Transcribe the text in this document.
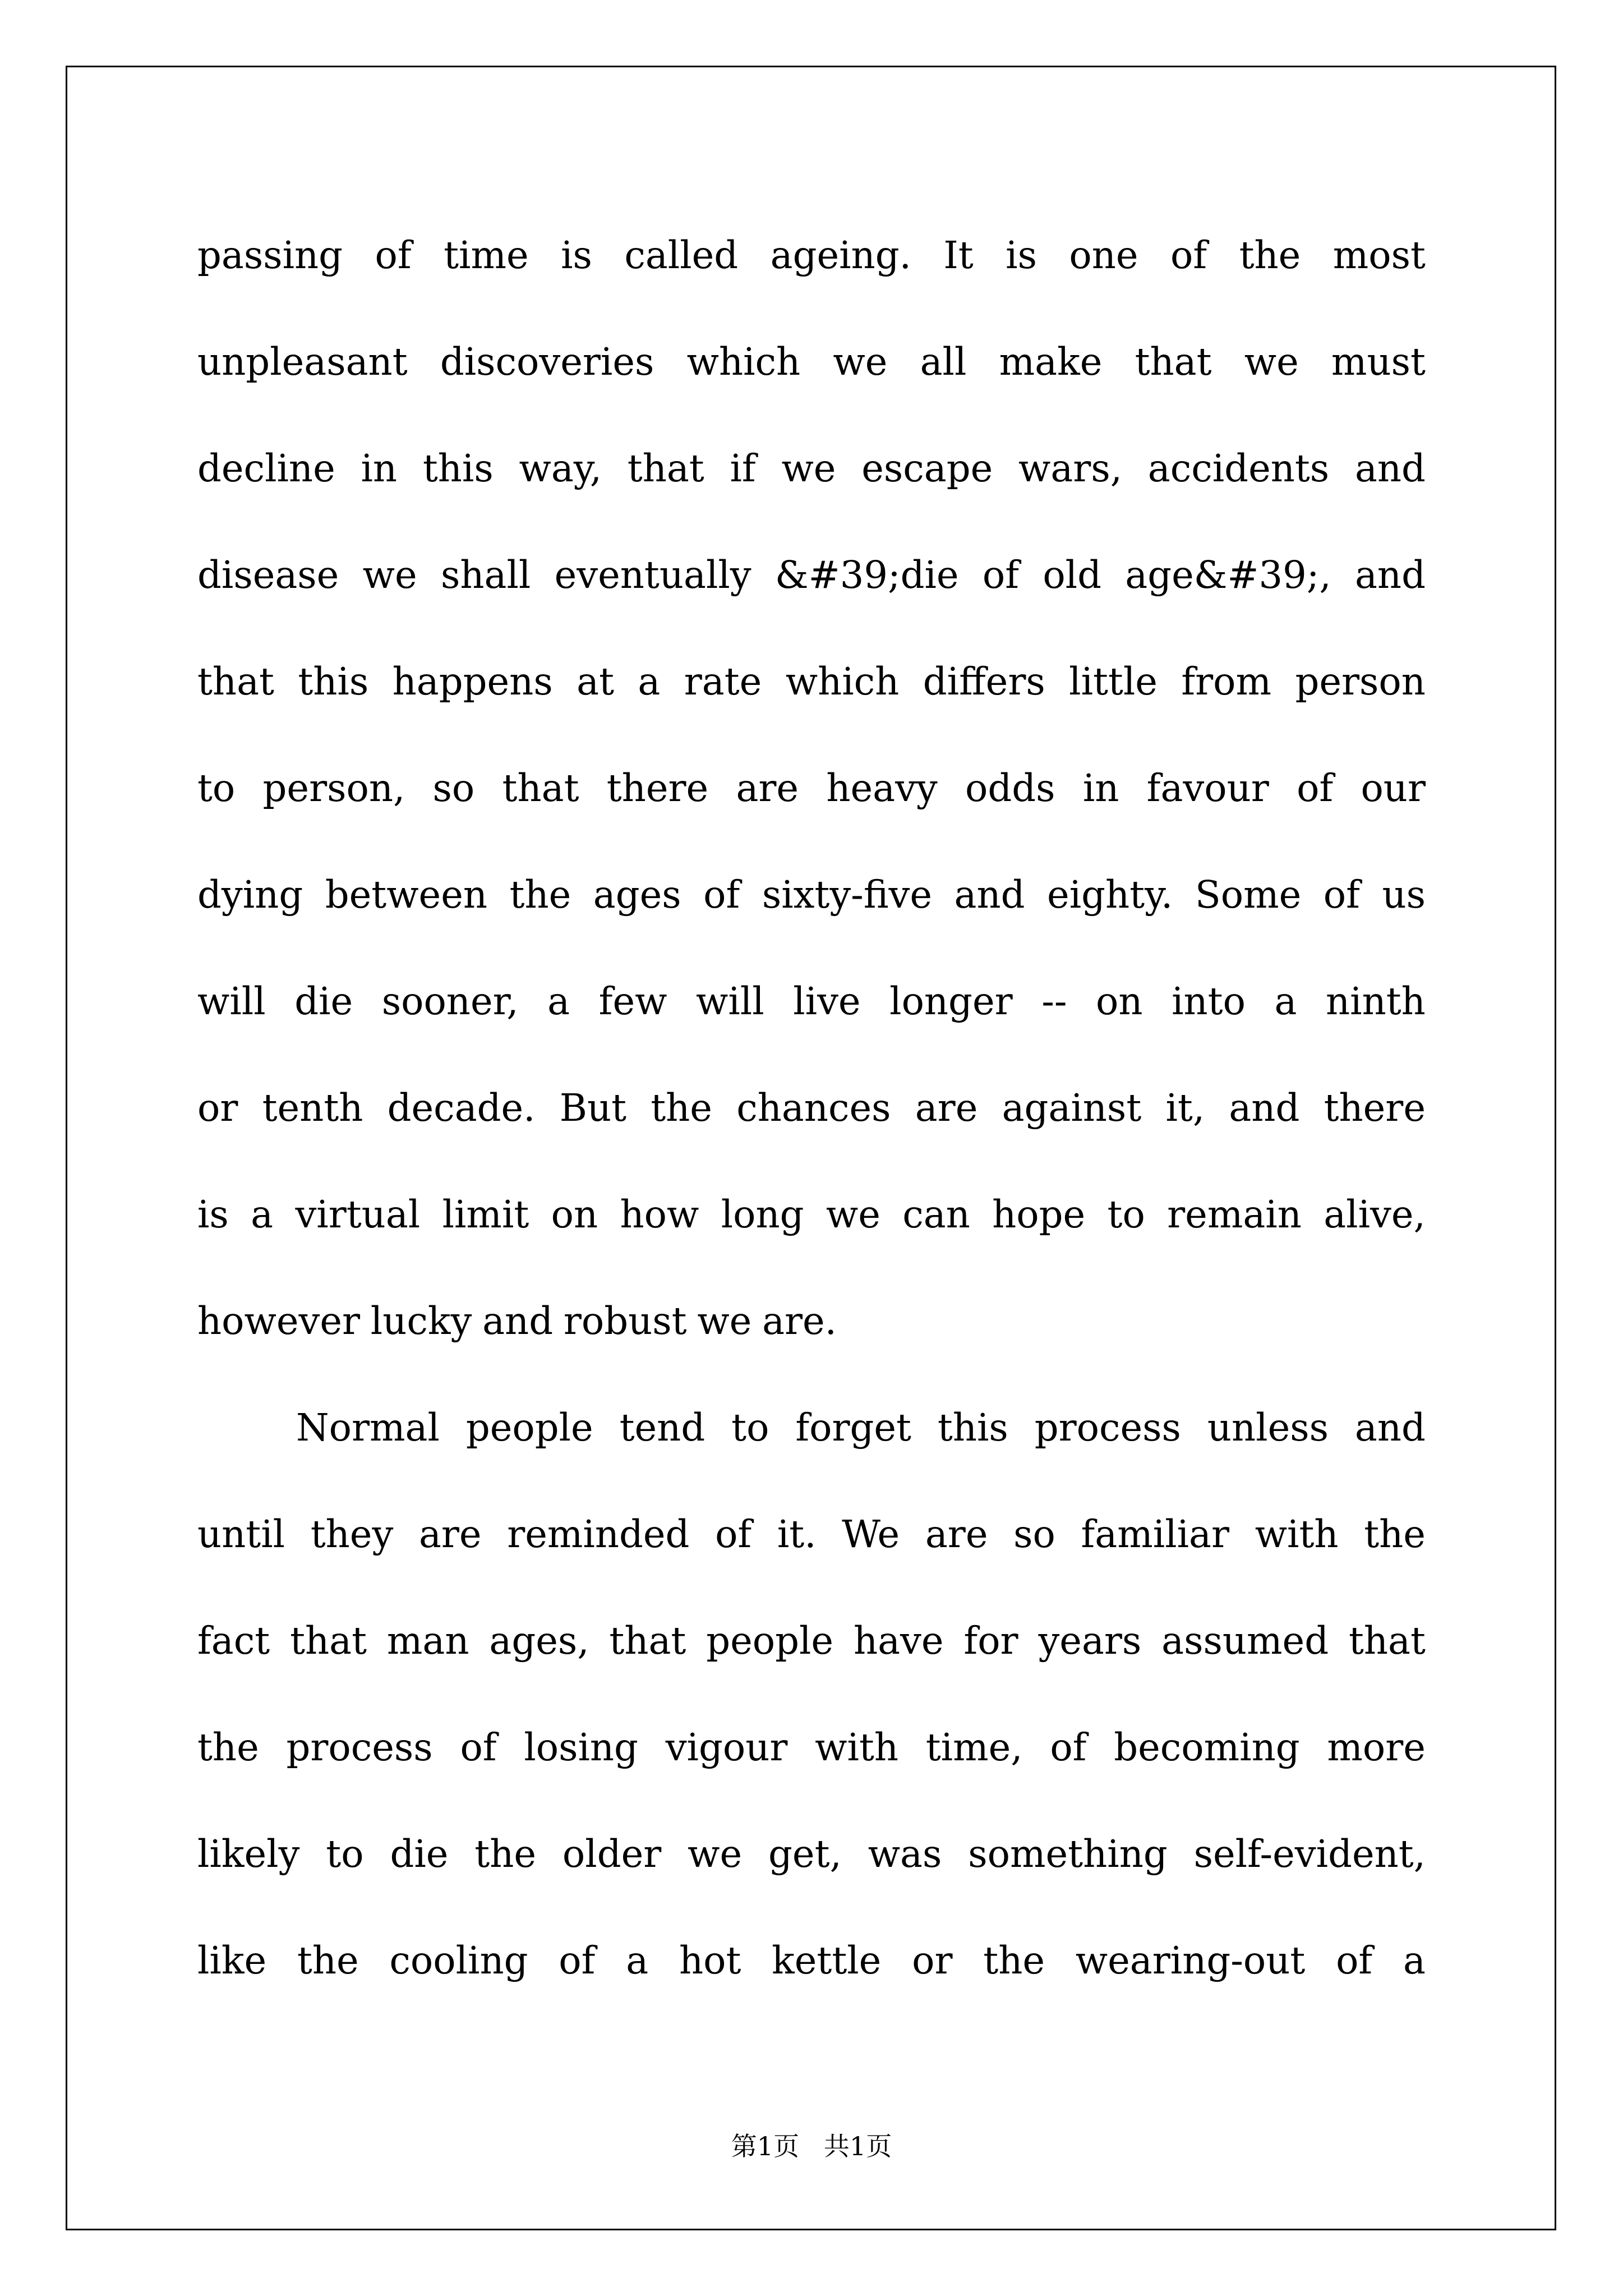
passing of time is called ageing. It is one of the most
unpleasant discoveries which we all make that we must
decline in this way, that if we escape wars, accidents and
disease we shall eventually &#39;die of old age&#39;, and
that this happens at a rate which differs little from person
to person, so that there are heavy odds in favour of our
dying between the ages of sixty-five and eighty. Some of us
will die sooner, a few will live longer -- on into a ninth
or tenth decade. But the chances are against it, and there
is a virtual limit on how long we can hope to remain alive,
however lucky and robust we are.
Normal people tend to forget this process unless and
until they are reminded of it. We are so familiar with the
fact that man ages, that people have for years assumed that
the process of losing vigour with time, of becoming more
likely to die the older we get, was something self-evident,
like the cooling of a hot kettle or the wearing-out of a
第1页   共1页
